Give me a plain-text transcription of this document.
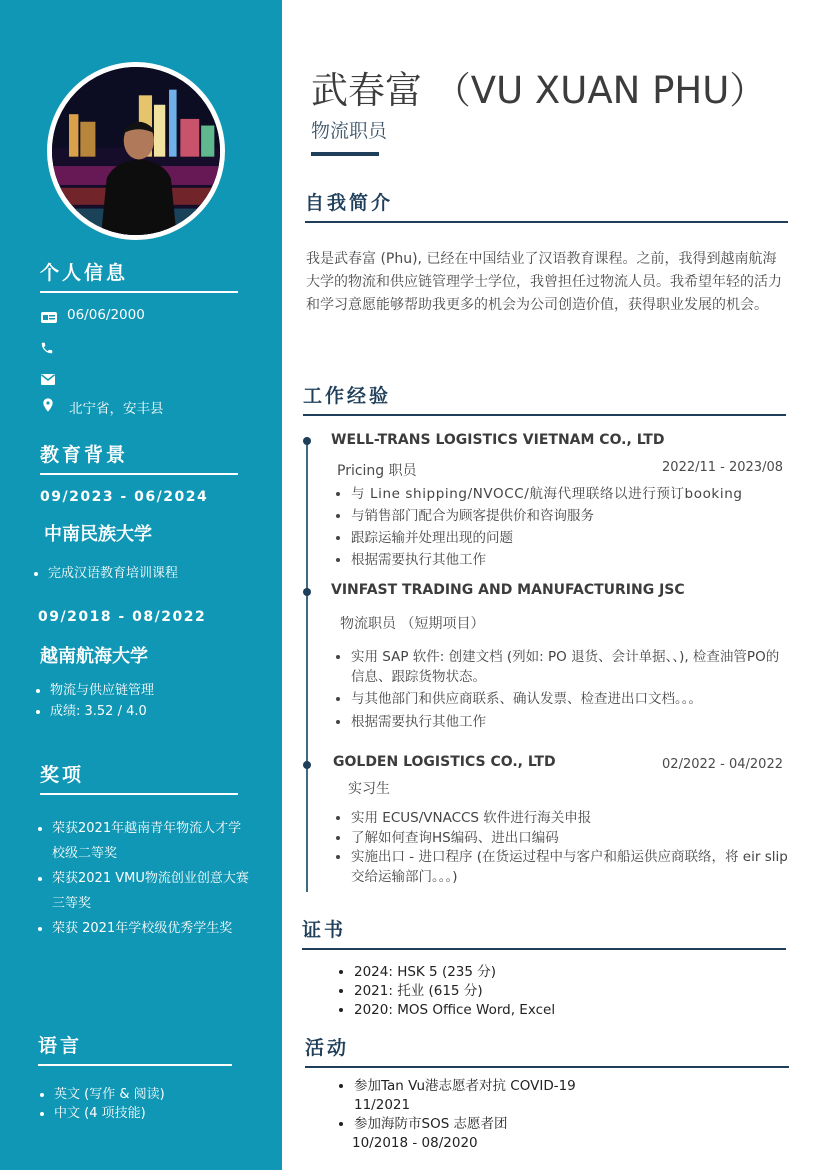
个人信息
06/06/2000
北宁省，安丰县
教育背景
09/2023 - 06/2024
中南民族大学
• 完成汉语教育培训课程
09/2018 - 08/2022
越南航海大学
• 物流与供应链管理
• 成绩: 3.52 / 4.0
奖项
• 荣获2021年越南青年物流人才学校级二等奖
• 荣获2021 VMU物流创业创意大赛三等奖
• 荣获 2021年学校级优秀学生奖
语言
• 英文 (写作 & 阅读)
• 中文 (4 项技能)
武春富 （VU XUAN PHU）
物流职员
自我简介
我是武春富 (Phu), 已经在中国结业了汉语教育课程。之前，我得到越南航海大学的物流和供应链管理学士学位，我曾担任过物流人员。我希望年轻的活力和学习意愿能够帮助我更多的机会为公司创造价值，获得职业发展的机会。
工作经验
WELL-TRANS LOGISTICS VIETNAM CO., LTD
Pricing 职员	2022/11 - 2023/08
• 与 Line shipping/NVOCC/航海代理联络以进行预订booking
• 与销售部门配合为顾客提供价和咨询服务
• 跟踪运输并处理出现的问题
• 根据需要执行其他工作
VINFAST TRADING AND MANUFACTURING JSC
物流职员 （短期项目）
• 实用 SAP 软件: 创建文档 (列如: PO 退货、会计单据、、), 检查油管PO的信息、跟踪货物状态。
• 与其他部门和供应商联系、确认发票、检查进出口文档。。。
• 根据需要执行其他工作
GOLDEN LOGISTICS CO., LTD
实习生
02/2022 - 04/2022
• 实用 ECUS/VNACCS 软件进行海关申报
• 了解如何查询HS编码、进出口编码
• 实施出口 - 进口程序 (在货运过程中与客户和船运供应商联络，将 eir slip交给运输部门。。。)
证书
• 2024: HSK 5 (235 分)
• 2021: 托业 (615 分)
• 2020: MOS Office Word, Excel
活动
• 参加Tan Vu港志愿者对抗 COVID-19
11/2021
• 参加海防市SOS 志愿者团
10/2018 - 08/2020
